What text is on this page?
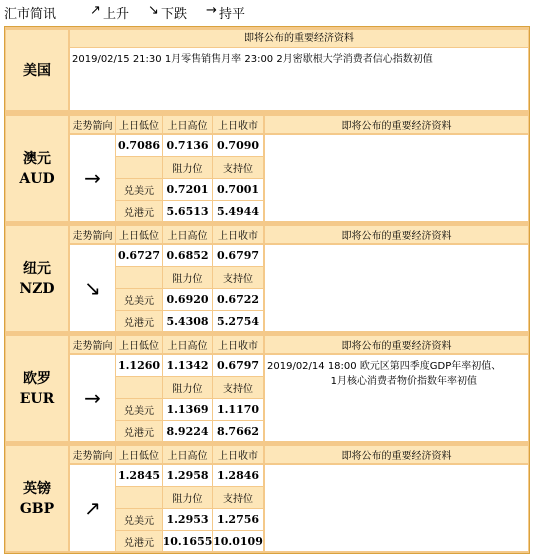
汇市简讯	↗ 上升 ↘ 下跌 → 持平
美国
即将公布的重要经济资料
2019/02/15 21:30 1月零售销售月率 23:00 2月密歇根大学消费者信心指数初值
澳元
AUD
走势箭向 上日低位 上日高位	上日收市	即将公布的重要经济资料
→
0.7086 0.7136 0.7090
阻力位	支持位
兑美元	0.7201 0.7001
兑港元	5.6513 5.4944
纽元
NZD
走势箭向 上日低位 上日高位	上日收市	即将公布的重要经济资料
↘
0.6727 0.6852 0.6797
阻力位	支持位
兑美元	0.6920 0.6722
兑港元	5.4308 5.2754
欧罗
EUR
走势箭向 上日低位 上日高位	上日收市	即将公布的重要经济资料
→
1.1260 1.1342 0.6797
阻力位	支持位
兑美元	1.1369 1.1170
兑港元	8.9224 8.7662
2019/02/14 18:00 欧元区第四季度GDP年率初值、
1月核心消费者物价指数年率初值
英镑
GBP
走势箭向 上日低位 上日高位	上日收市	即将公布的重要经济资料
↗
1.2845 1.2958 1.2846
阻力位	支持位
兑美元	1.2953 1.2756
兑港元 10.1655 10.0109
